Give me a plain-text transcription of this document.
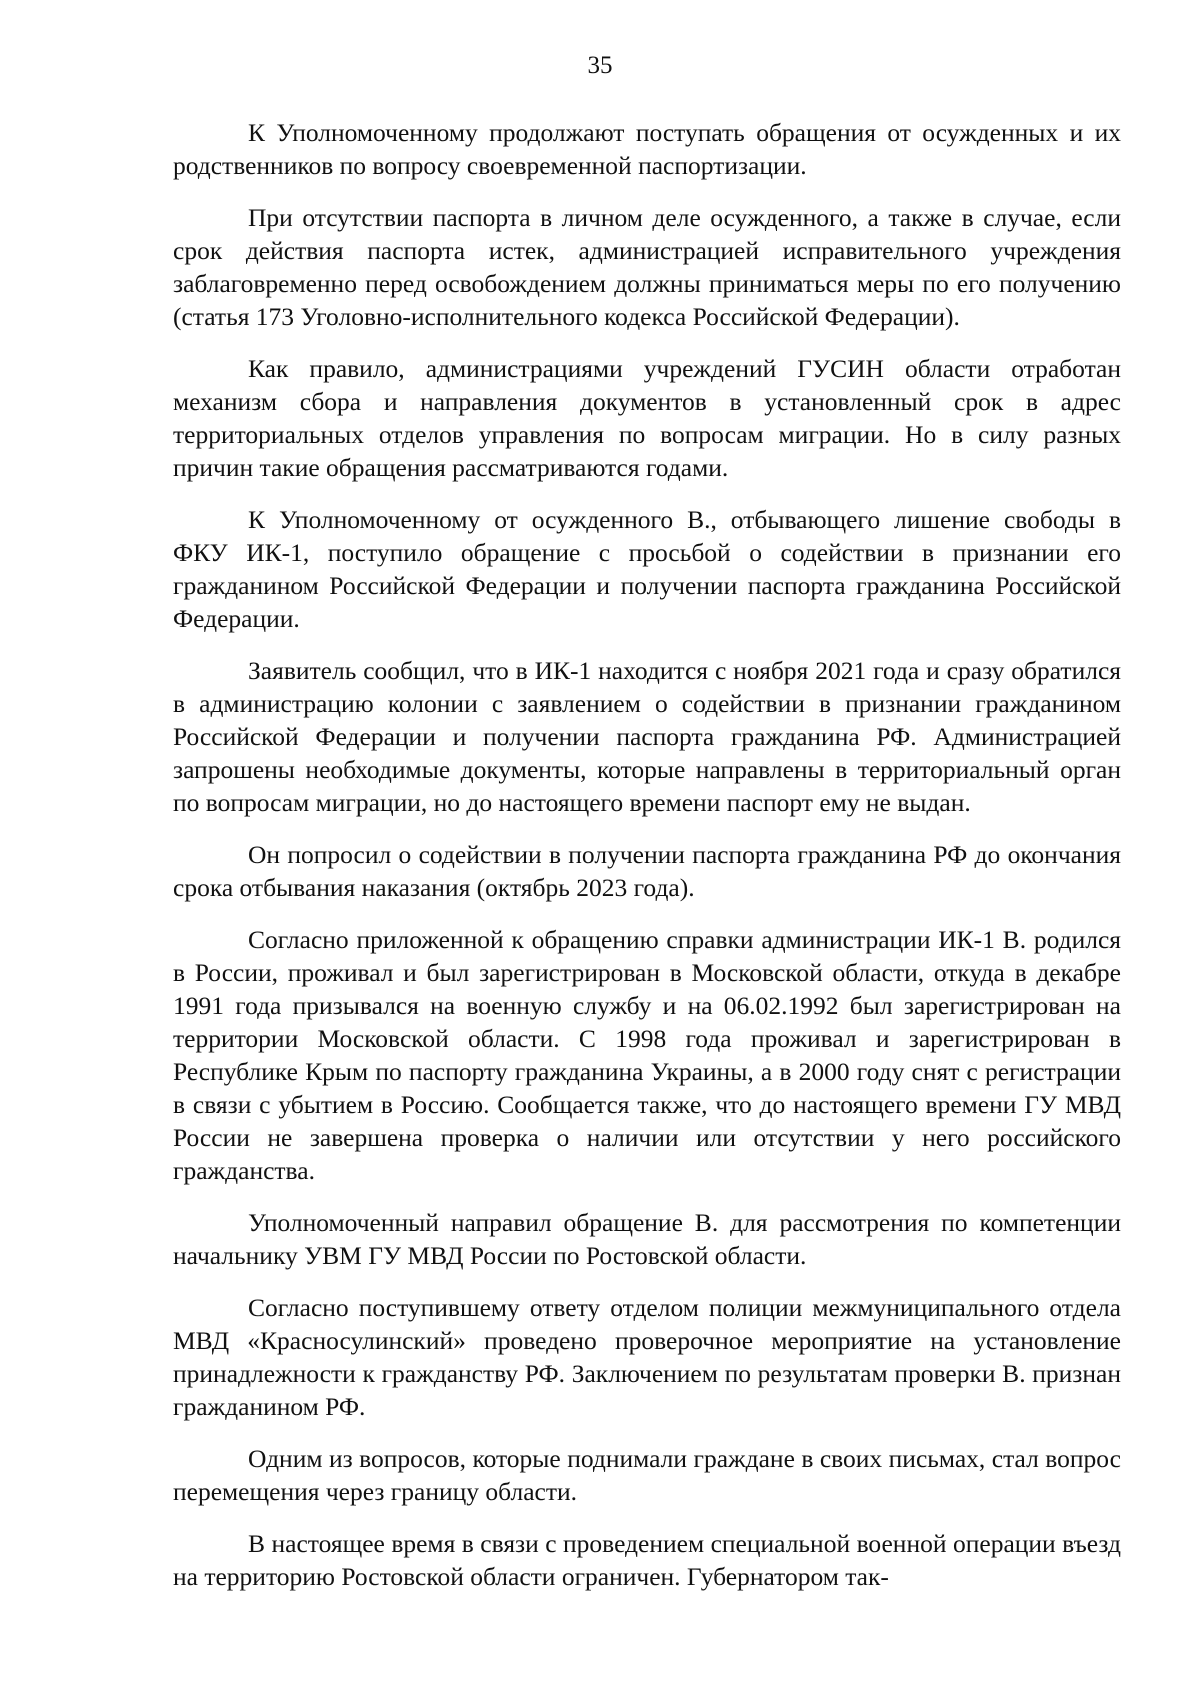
35

К Уполномоченному продолжают поступать обращения от осужденных и их родственников по вопросу своевременной паспортизации.

При отсутствии паспорта в личном деле осужденного, а также в случае, если срок действия паспорта истек, администрацией исправительного учреждения заблаговременно перед освобождением должны приниматься меры по его получению (статья 173 Уголовно-исполнительного кодекса Российской Федерации).

Как правило, администрациями учреждений ГУСИН области отработан механизм сбора и направления документов в установленный срок в адрес территориальных отделов управления по вопросам миграции. Но в силу разных причин такие обращения рассматриваются годами.

К Уполномоченному от осужденного В., отбывающего лишение свободы в ФКУ ИК-1, поступило обращение с просьбой о содействии в признании его гражданином Российской Федерации и получении паспорта гражданина Российской Федерации.

Заявитель сообщил, что в ИК-1 находится с ноября 2021 года и сразу обратился в администрацию колонии с заявлением о содействии в признании гражданином Российской Федерации и получении паспорта гражданина РФ. Администрацией запрошены необходимые документы, которые направлены в территориальный орган по вопросам миграции, но до настоящего времени паспорт ему не выдан.

Он попросил о содействии в получении паспорта гражданина РФ до окончания срока отбывания наказания (октябрь 2023 года).

Согласно приложенной к обращению справки администрации ИК-1 В. родился в России, проживал и был зарегистрирован в Московской области, откуда в декабре 1991 года призывался на военную службу и на 06.02.1992 был зарегистрирован на территории Московской области. С 1998 года проживал и зарегистрирован в Республике Крым по паспорту гражданина Украины, а в 2000 году снят с регистрации в связи с убытием в Россию. Сообщается также, что до настоящего времени ГУ МВД России не завершена проверка о наличии или отсутствии у него российского гражданства.

Уполномоченный направил обращение В. для рассмотрения по компетенции начальнику УВМ ГУ МВД России по Ростовской области.

Согласно поступившему ответу отделом полиции межмуниципального отдела МВД «Красносулинский» проведено проверочное мероприятие на установление принадлежности к гражданству РФ. Заключением по результатам проверки В. признан гражданином РФ.

Одним из вопросов, которые поднимали граждане в своих письмах, стал вопрос перемещения через границу области.

В настоящее время в связи с проведением специальной военной операции въезд на территорию Ростовской области ограничен. Губернатором так-
